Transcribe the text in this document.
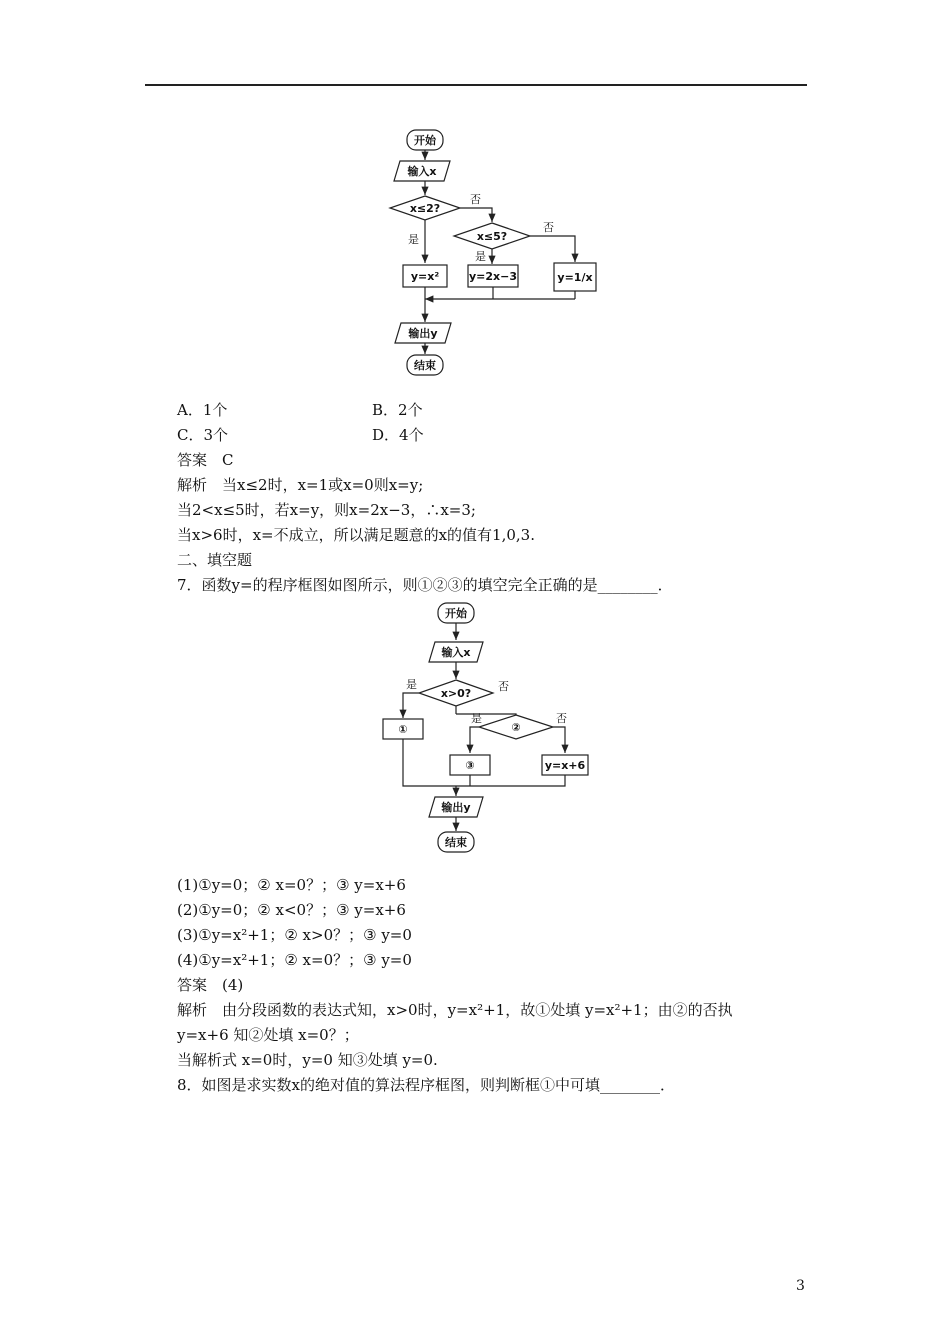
开始
输入x
x≤2?
是
否
x≤5?
是
否
y=x²	y=2x−3	y=1/x
输出y
结束
A．1个	B．2个
C．3个	D．4个
答案　C
解析　当x≤2时，x=1或x=0则x=y;
当2<x≤5时，若x=y，则x=2x−3，∴x=3;
当x>6时，x=不成立，所以满足题意的x的值有1,0,3.
二、填空题
7．函数y=的程序框图如图所示，则①②③的填空完全正确的是________．
开始
输入x
x>0?
是	否
②
是	否
①
③	y=x+6
输出y
结束
(1)①y=0；② x=0？；③ y=x+6
(2)①y=0；② x<0？；③ y=x+6
(3)①y=x²+1；② x>0？；③ y=0
(4)①y=x²+1；② x=0？；③ y=0
答案　(4)
解析　由分段函数的表达式知，x>0时，y=x²+1，故①处填 y=x²+1；由②的否执
y=x+6 知②处填 x=0？；
当解析式 x=0时，y=0 知③处填 y=0.
8．如图是求实数x的绝对值的算法程序框图，则判断框①中可填________．
3
